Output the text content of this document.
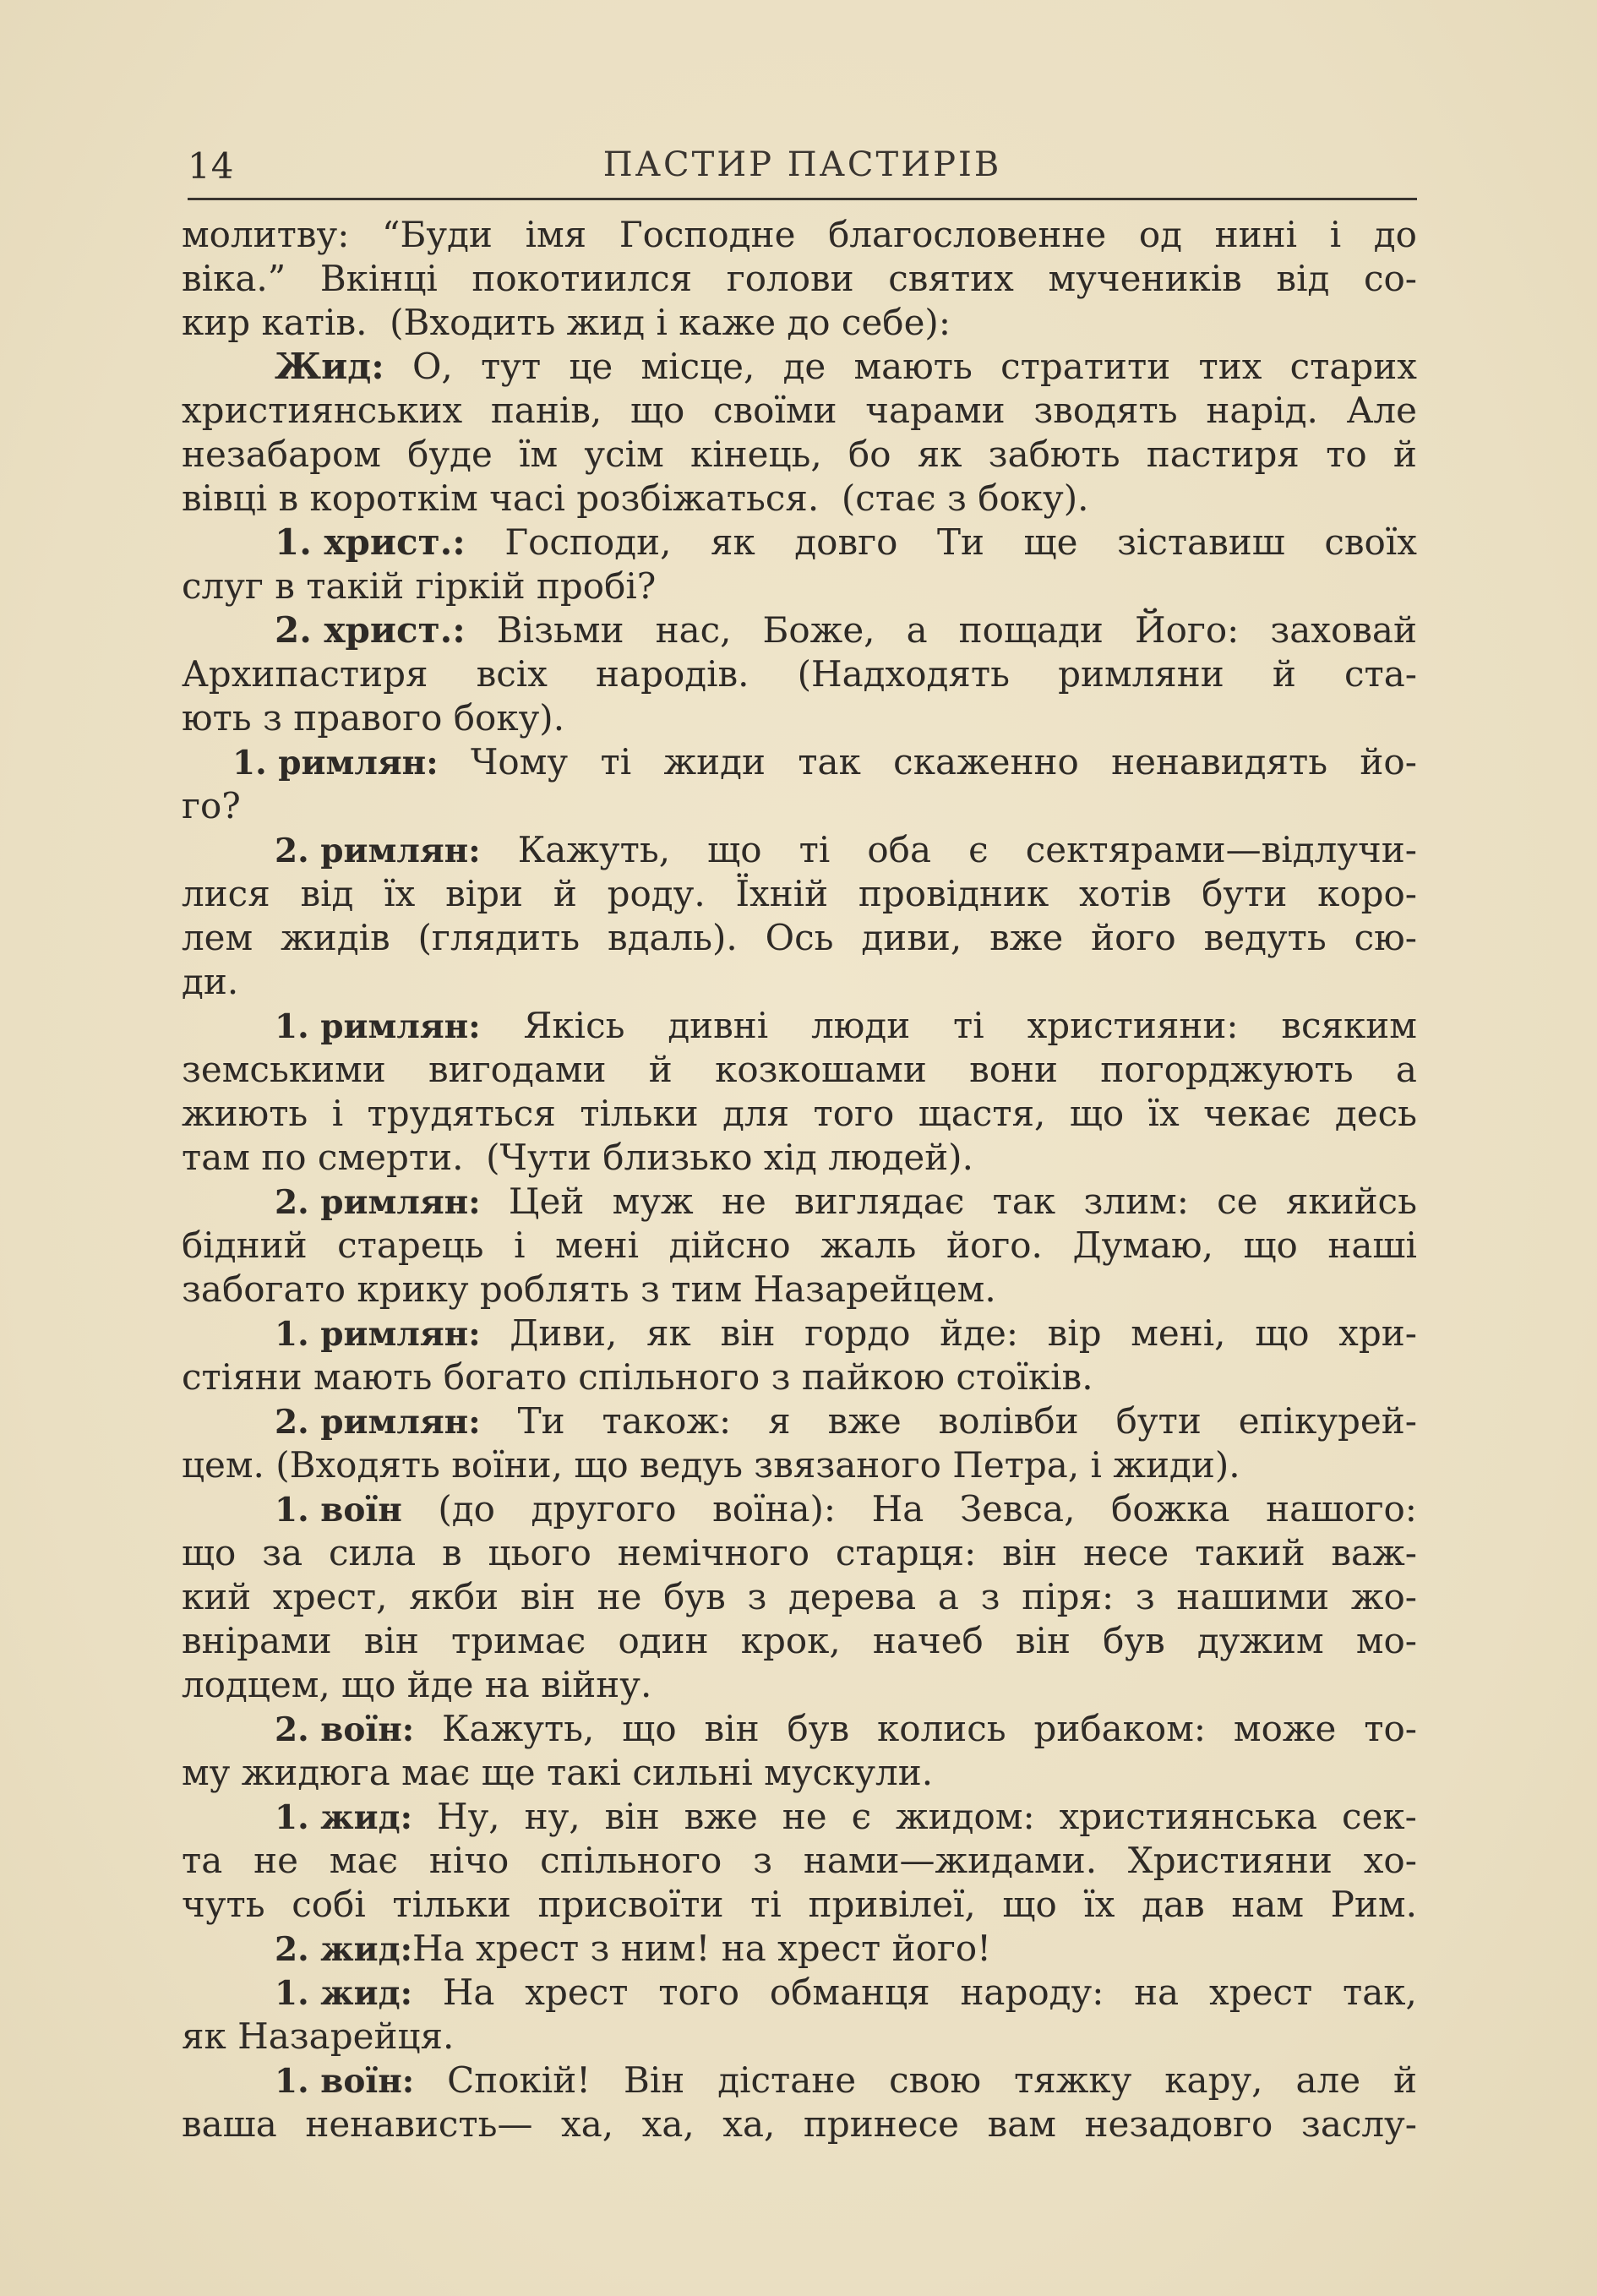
14	ПАСТИР ПАСТИРІВ
молитву: “Буди імя Господне благословенне од нині і до
віка.” Вкінці покотиился голови святих мучеників від со-
кир катів.  (Входить жид і каже до себе):
Жид: О, тут це місце, де мають стратити тих старих
християнських панів, що своїми чарами зводять нарід. Але
незабаром буде їм усім кінець, бо як забють пастиря то й
вівці в короткім часі розбіжаться.  (стає з боку).
1. христ.: Господи, як довго Ти ще зіставиш своїх
слуг в такій гіркій пробі?
2. христ.: Візьми нас, Боже, а пощади Його: заховай
Архипастиря всіх народів. (Надходять римляни й ста-
ють з правого боку).
1. римлян: Чому ті жиди так скаженно ненавидять йо-
го?
2. римлян: Кажуть, що ті оба є сектярами—відлучи-
лися від їх віри й роду. Їхній провідник хотів бути коро-
лем жидів (глядить вдаль). Ось диви, вже його ведуть сю-
ди.
1. римлян: Якісь дивні люди ті християни: всяким
земськими вигодами й козкошами вони погорджують а
жиють і трудяться тільки для того щастя, що їх чекає десь
там по смерти.  (Чути близько хід людей).
2. римлян: Цей муж не виглядає так злим: се якийсь
бідний старець і мені дійсно жаль його. Думаю, що наші
забогато крику роблять з тим Назарейцем.
1. римлян: Диви, як він гордо йде: вір мені, що хри-
стіяни мають богато спільного з пайкою стоїків.
2. римлян: Ти також: я вже волівби бути епікурей-
цем. (Входять воїни, що ведуь звязаного Петра, і жиди).
1. воїн (до другого воїна): На Зевса, божка нашого:
що за сила в цього немічного старця: він несе такий важ-
кий хрест, якби він не був з дерева а з піря: з нашими жо-
внірами він тримає один крок, начеб він був дужим мо-
лодцем, що йде на війну.
2. воїн: Кажуть, що він був колись рибаком: може то-
му жидюга має ще такі сильні мускули.
1. жид: Ну, ну, він вже не є жидом: християнська сек-
та не має нічо спільного з нами—жидами. Християни хо-
чуть собі тільки присвоїти ті привілеї, що їх дав нам Рим.
2. жид: На хрест з ним! на хрест його!
1. жид: На хрест того обманця народу: на хрест так,
як Назарейця.
1. воїн: Спокій! Він дістане свою тяжку кару, але й
ваша ненависть— ха, ха, ха, принесе вам незадовго заслу-
